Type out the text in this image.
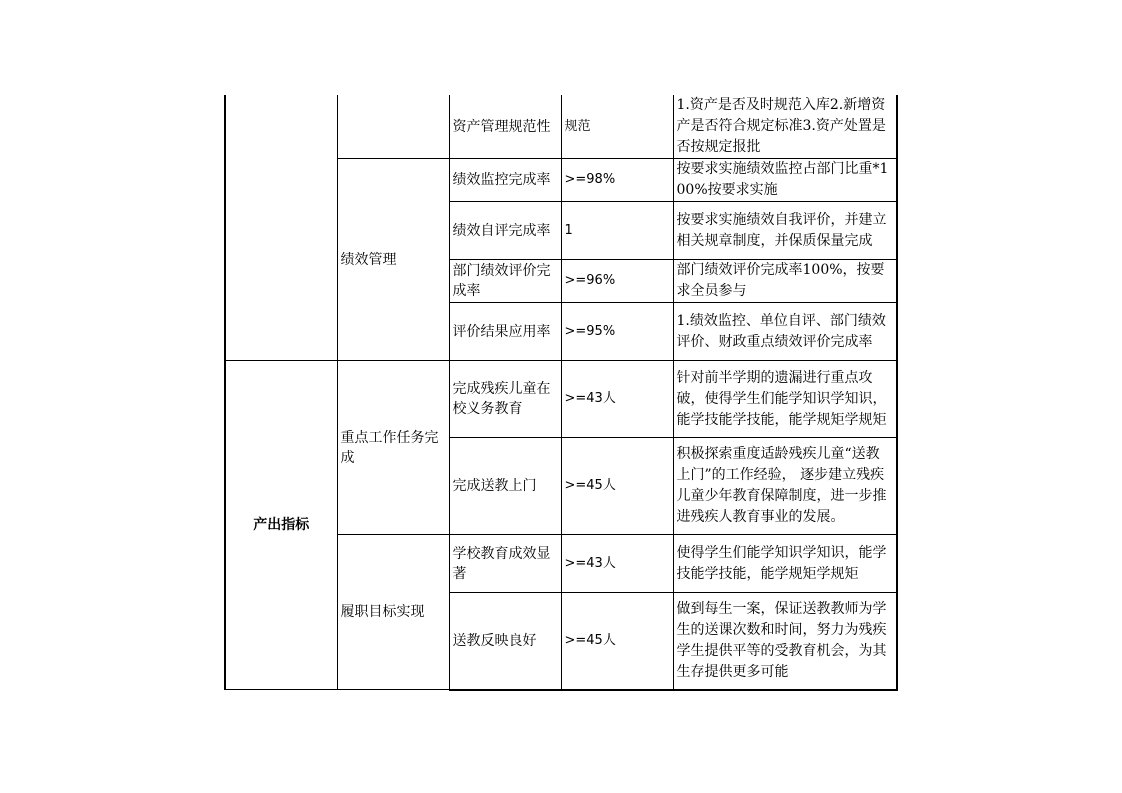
		资产管理规范性	规范	1.资产是否及时规范入库2.新增资产是否符合规定标准3.资产处置是否按规定报批
	绩效管理	绩效监控完成率	>=98%	按要求实施绩效监控占部门比重*100%按要求实施
		绩效自评完成率	1	按要求实施绩效自我评价，并建立相关规章制度，并保质保量完成
		部门绩效评价完成率	>=96%	部门绩效评价完成率100%，按要求全员参与
		评价结果应用率	>=95%	1.绩效监控、单位自评、部门绩效评价、财政重点绩效评价完成率
产出指标	重点工作任务完成	完成残疾儿童在校义务教育	>=43人	针对前半学期的遗漏进行重点攻破，使得学生们能学知识学知识，能学技能学技能，能学规矩学规矩
		完成送教上门	>=45人	积极探索重度适龄残疾儿童“送教上门”的工作经验， 逐步建立残疾儿童少年教育保障制度，进一步推进残疾人教育事业的发展。
	履职目标实现	学校教育成效显著	>=43人	使得学生们能学知识学知识，能学技能学技能，能学规矩学规矩
		送教反映良好	>=45人	做到每生一案，保证送教教师为学生的送课次数和时间，努力为残疾学生提供平等的受教育机会，为其生存提供更多可能
